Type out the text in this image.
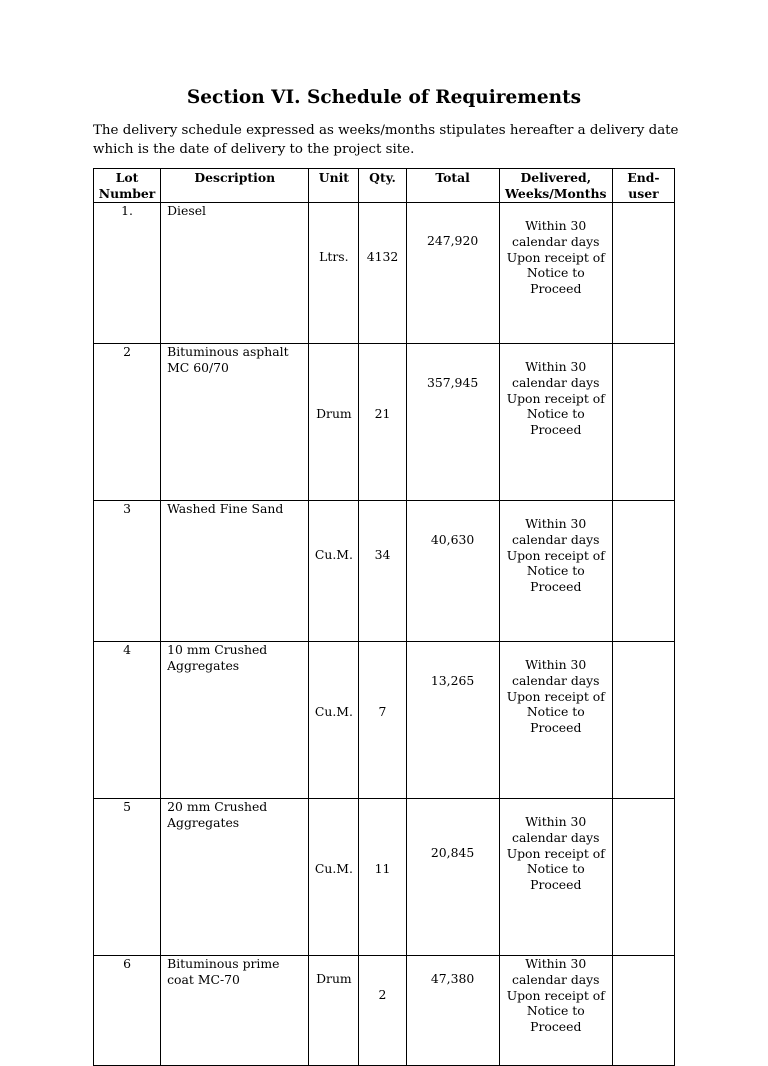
Section VI. Schedule of Requirements

The delivery schedule expressed as weeks/months stipulates hereafter a delivery date which is the date of delivery to the project site.

Lot Number	Description	Unit	Qty.	Total	Delivered, Weeks/Months	End-user
1.	Diesel	Ltrs.	4132	247,920	Within 30 calendar days Upon receipt of Notice to Proceed	
2	Bituminous asphalt MC 60/70	Drum	21	357,945	Within 30 calendar days Upon receipt of Notice to Proceed	
3	Washed Fine Sand	Cu.M.	34	40,630	Within 30 calendar days Upon receipt of Notice to Proceed	
4	10 mm Crushed Aggregates	Cu.M.	7	13,265	Within 30 calendar days Upon receipt of Notice to Proceed	
5	20 mm Crushed Aggregates	Cu.M.	11	20,845	Within 30 calendar days Upon receipt of Notice to Proceed	
6	Bituminous prime coat MC-70	Drum	2	47,380	Within 30 calendar days Upon receipt of Notice to Proceed	
